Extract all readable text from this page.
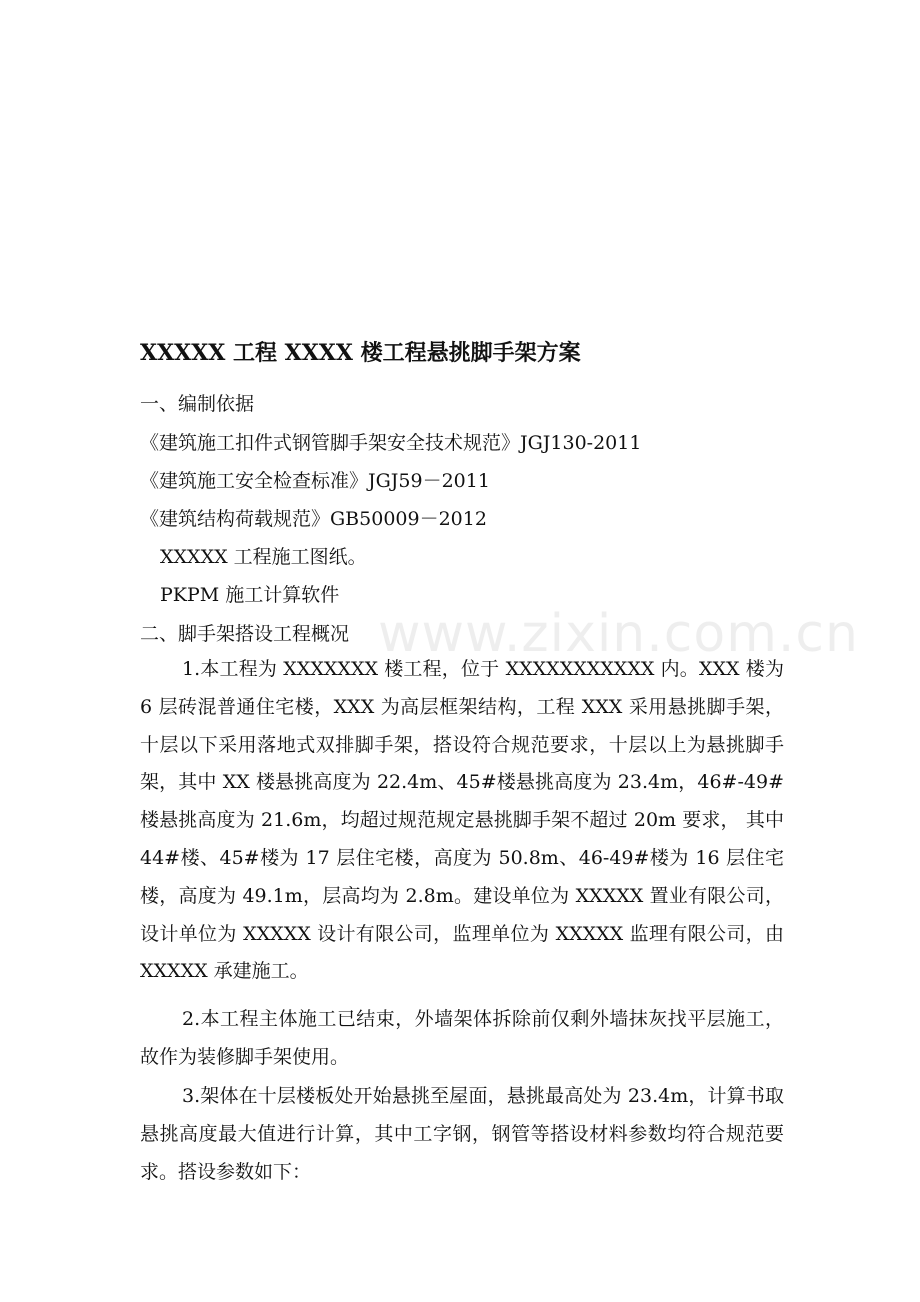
www.zixin.com.cn
XXXXX 工程 XXXX 楼工程悬挑脚手架方案
一、编制依据
《建筑施工扣件式钢管脚手架安全技术规范》JGJ130-2011
《建筑施工安全检查标准》JGJ59－2011
《建筑结构荷载规范》GB50009－2012
XXXXX 工程施工图纸。
PKPM 施工计算软件
二、脚手架搭设工程概况
1.本工程为 XXXXXXX 楼工程，位于 XXXXXXXXXXX 内。XXX 楼为 6 层砖混普通住宅楼，XXX 为高层框架结构，工程 XXX 采用悬挑脚手架，十层以下采用落地式双排脚手架，搭设符合规范要求，十层以上为悬挑脚手架，其中 XX 楼悬挑高度为 22.4m、45#楼悬挑高度为 23.4m，46#-49#楼悬挑高度为 21.6m，均超过规范规定悬挑脚手架不超过 20m 要求， 其中 44#楼、45#楼为 17 层住宅楼，高度为 50.8m、46-49#楼为 16 层住宅楼，高度为 49.1m，层高均为 2.8m。建设单位为 XXXXX 置业有限公司，设计单位为 XXXXX 设计有限公司，监理单位为 XXXXX 监理有限公司，由 XXXXX 承建施工。
2.本工程主体施工已结束，外墙架体拆除前仅剩外墙抹灰找平层施工，故作为装修脚手架使用。
3.架体在十层楼板处开始悬挑至屋面，悬挑最高处为 23.4m，计算书取悬挑高度最大值进行计算，其中工字钢，钢管等搭设材料参数均符合规范要求。搭设参数如下：
